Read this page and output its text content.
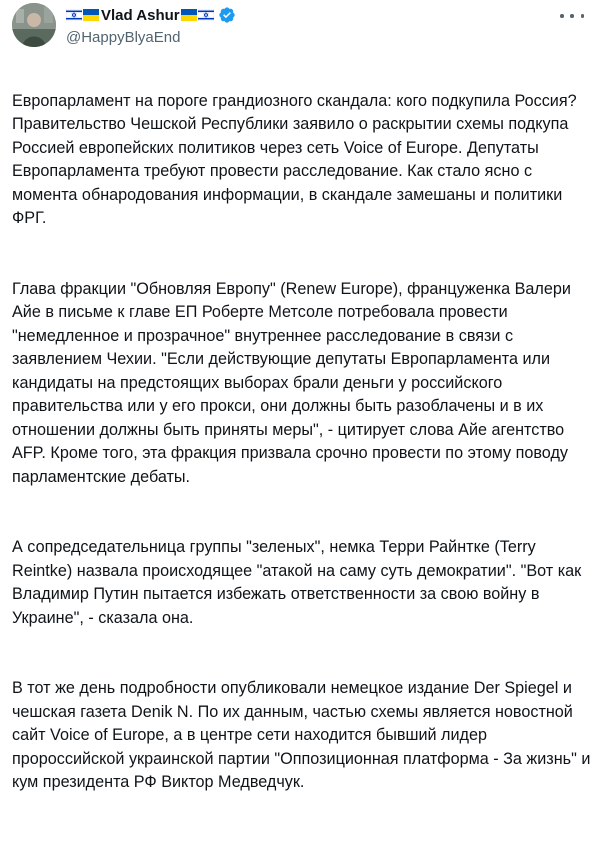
Vlad Ashur
@HappyBlyaEnd

Европарламент на пороге грандиозного скандала: кого подкупила Россия?
Правительство Чешской Республики заявило о раскрытии схемы подкупа Россией европейских политиков через сеть Voice of Europe. Депутаты Европарламента требуют провести расследование. Как стало ясно с момента обнародования информации, в скандале замешаны и политики ФРГ.

Глава фракции "Обновляя Европу" (Renew Europe), француженка Валери Айе в письме к главе ЕП Роберте Метсоле потребовала провести "немедленное и прозрачное" внутреннее расследование в связи с заявлением Чехии. "Если действующие депутаты Европарламента или кандидаты на предстоящих выборах брали деньги у российского правительства или у его прокси, они должны быть разоблачены и в их отношении должны быть приняты меры", - цитирует слова Айе агентство AFP. Кроме того, эта фракция призвала срочно провести по этому поводу парламентские дебаты.

А сопредседательница группы "зеленых", немка Терри Райнтке (Terry Reintke) назвала происходящее "атакой на саму суть демократии". "Вот как Владимир Путин пытается избежать ответственности за свою войну в Украине", - сказала она.

В тот же день подробности опубликовали немецкое издание Der Spiegel и чешская газета Denik N. По их данным, частью схемы является новостной сайт Voice of Europe, а в центре сети находится бывший лидер пророссийской украинской партии "Оппозиционная платформа - За жизнь" и кум президента РФ Виктор Медведчук.
